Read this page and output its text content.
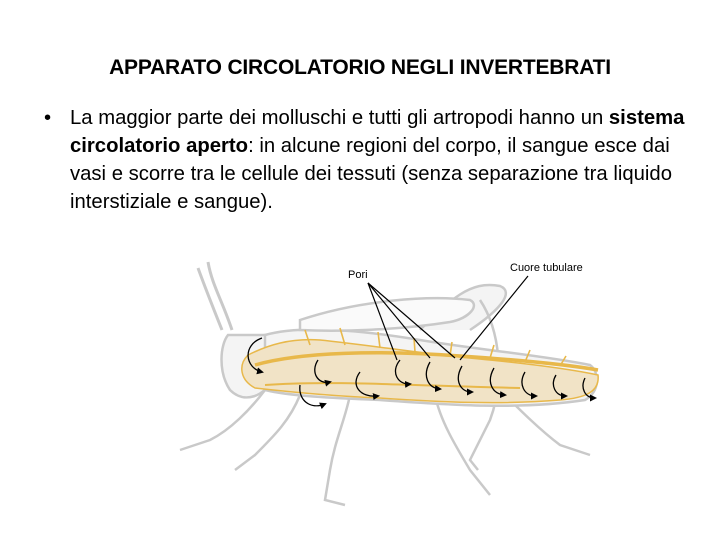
APPARATO CIRCOLATORIO NEGLI INVERTEBRATI
• La maggior parte dei molluschi e tutti gli artropodi hanno un sistema circolatorio aperto: in alcune regioni del corpo, il sangue esce dai vasi e scorre tra le cellule dei tessuti (senza separazione tra liquido interstiziale e sangue).
Pori
Cuore tubulare
